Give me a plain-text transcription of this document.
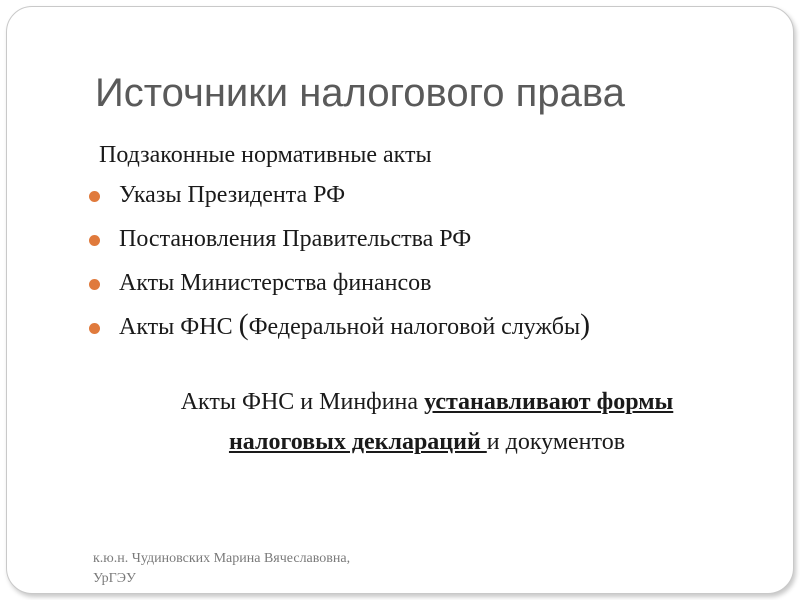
Источники налогового права
Подзаконные нормативные акты
Указы Президента РФ
Постановления Правительства РФ
Акты Министерства финансов
Акты ФНС (Федеральной налоговой службы)
Акты ФНС и Минфина устанавливают формы
налоговых деклараций и документов
к.ю.н. Чудиновских Марина Вячеславовна,
УрГЭУ
